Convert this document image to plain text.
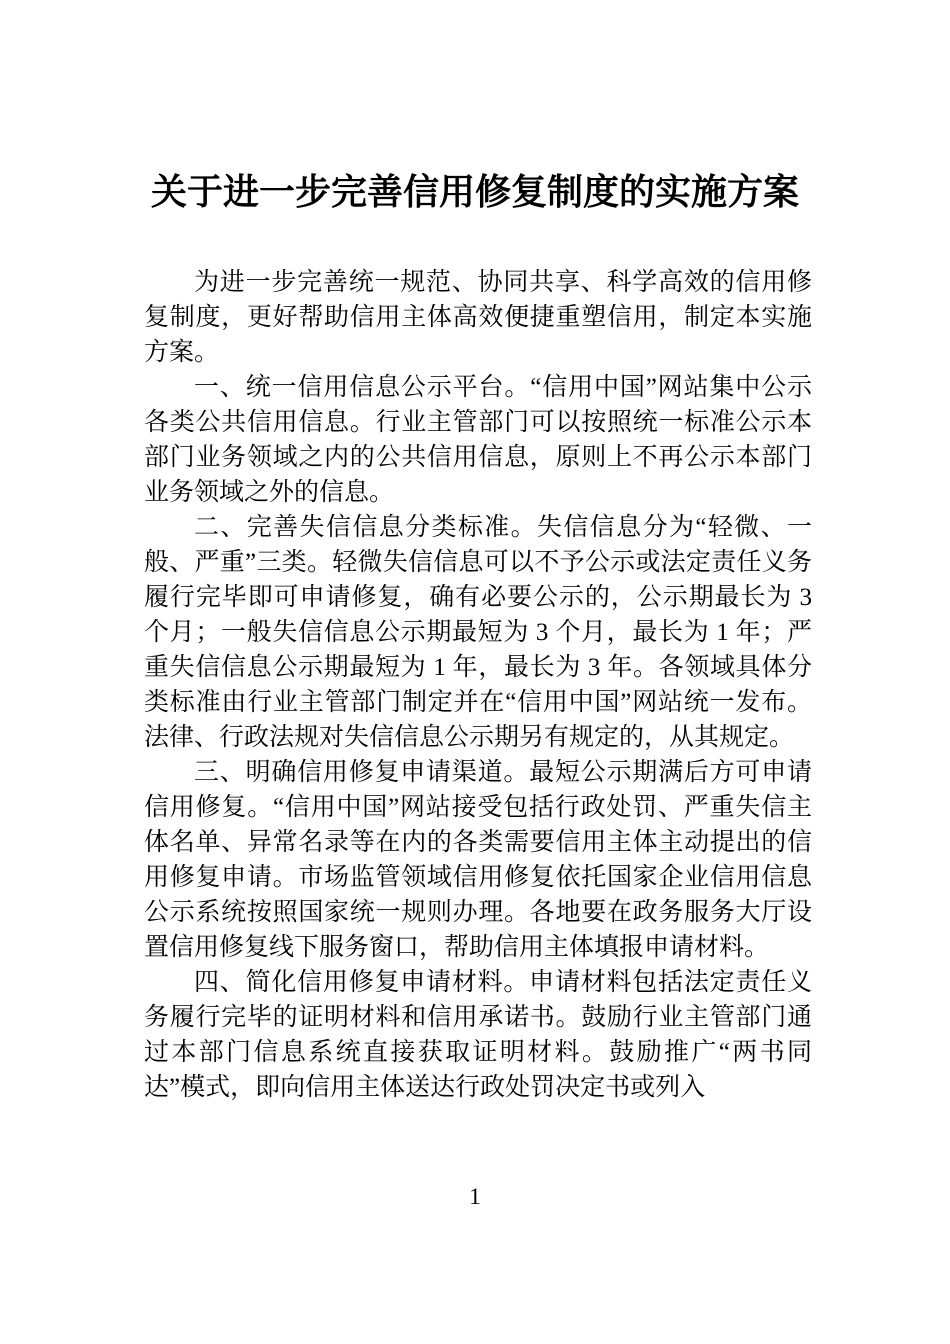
关于进一步完善信用修复制度的实施方案

为进一步完善统一规范、协同共享、科学高效的信用修复制度，更好帮助信用主体高效便捷重塑信用，制定本实施方案。

一、统一信用信息公示平台。“信用中国”网站集中公示各类公共信用信息。行业主管部门可以按照统一标准公示本部门业务领域之内的公共信用信息，原则上不再公示本部门业务领域之外的信息。

二、完善失信信息分类标准。失信信息分为“轻微、一般、严重”三类。轻微失信信息可以不予公示或法定责任义务履行完毕即可申请修复，确有必要公示的，公示期最长为 3 个月；一般失信信息公示期最短为 3 个月，最长为 1 年；严重失信信息公示期最短为 1 年，最长为 3 年。各领域具体分类标准由行业主管部门制定并在“信用中国”网站统一发布。法律、行政法规对失信信息公示期另有规定的，从其规定。

三、明确信用修复申请渠道。最短公示期满后方可申请信用修复。“信用中国”网站接受包括行政处罚、严重失信主体名单、异常名录等在内的各类需要信用主体主动提出的信用修复申请。市场监管领域信用修复依托国家企业信用信息公示系统按照国家统一规则办理。各地要在政务服务大厅设置信用修复线下服务窗口，帮助信用主体填报申请材料。

四、简化信用修复申请材料。申请材料包括法定责任义务履行完毕的证明材料和信用承诺书。鼓励行业主管部门通过本部门信息系统直接获取证明材料。鼓励推广“两书同达”模式，即向信用主体送达行政处罚决定书或列入

1
